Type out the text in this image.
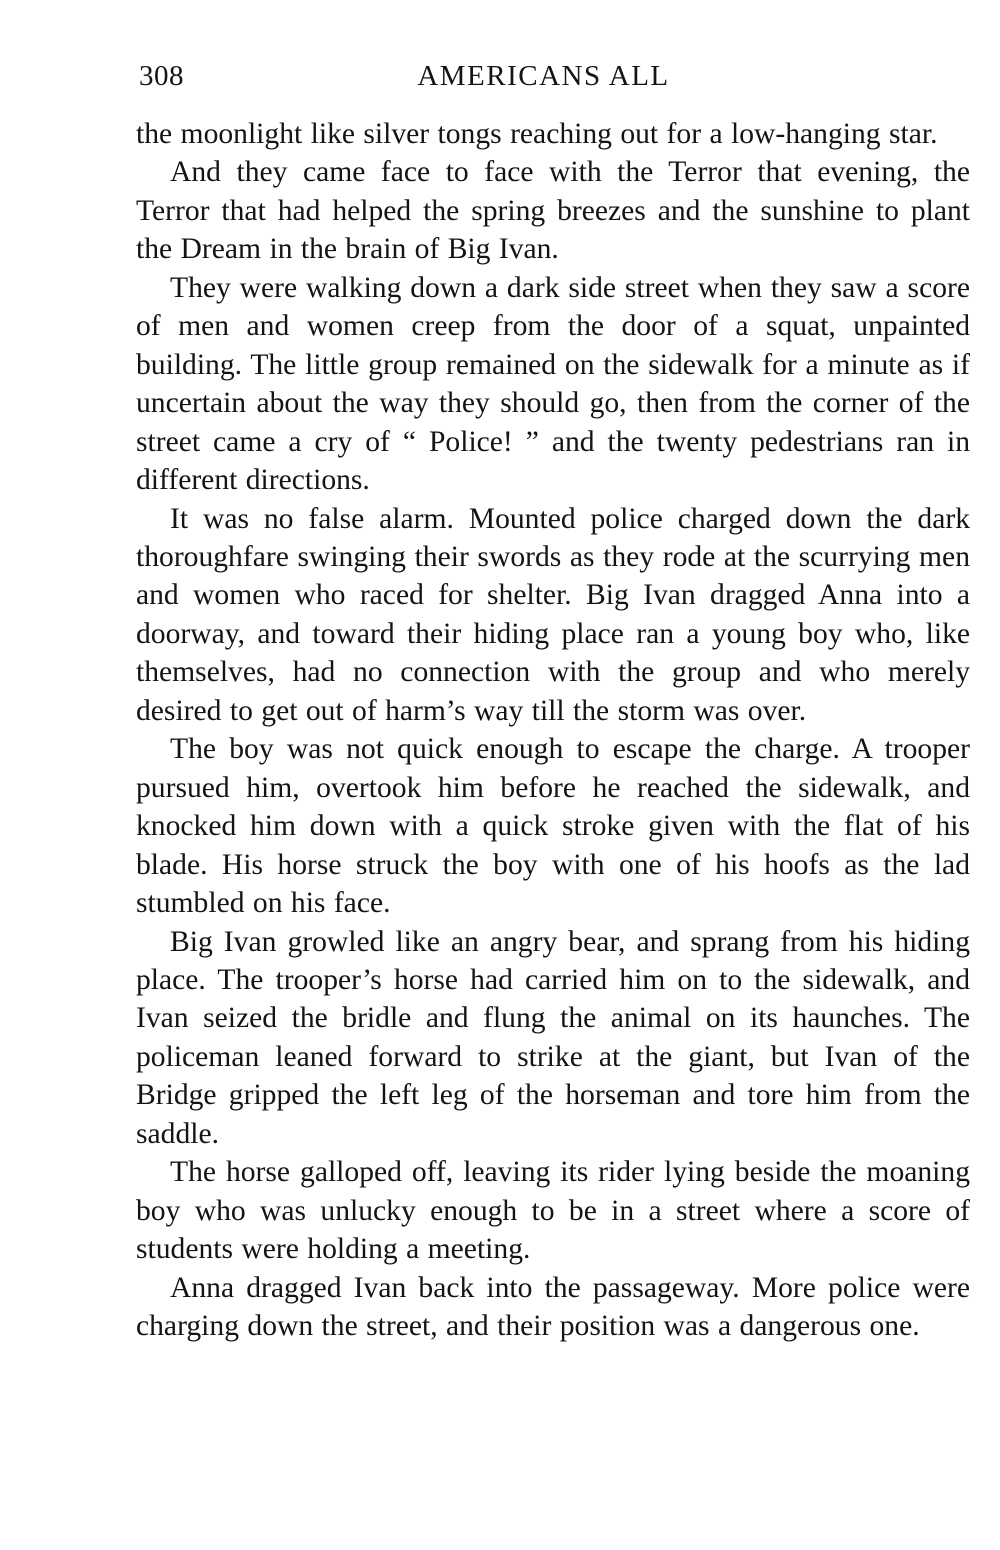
308	AMERICANS ALL

the moonlight like silver tongs reaching out for a low-hanging star.

And they came face to face with the Terror that evening, the Terror that had helped the spring breezes and the sunshine to plant the Dream in the brain of Big Ivan.

They were walking down a dark side street when they saw a score of men and women creep from the door of a squat, unpainted building. The little group remained on the sidewalk for a minute as if uncertain about the way they should go, then from the corner of the street came a cry of “ Police! ” and the twenty pedestrians ran in different directions.

It was no false alarm. Mounted police charged down the dark thoroughfare swinging their swords as they rode at the scurrying men and women who raced for shelter. Big Ivan dragged Anna into a doorway, and toward their hiding place ran a young boy who, like themselves, had no connection with the group and who merely desired to get out of harm’s way till the storm was over.

The boy was not quick enough to escape the charge. A trooper pursued him, overtook him before he reached the sidewalk, and knocked him down with a quick stroke given with the flat of his blade. His horse struck the boy with one of his hoofs as the lad stumbled on his face.

Big Ivan growled like an angry bear, and sprang from his hiding place. The trooper’s horse had carried him on to the sidewalk, and Ivan seized the bridle and flung the animal on its haunches. The policeman leaned forward to strike at the giant, but Ivan of the Bridge gripped the left leg of the horseman and tore him from the saddle.

The horse galloped off, leaving its rider lying beside the moaning boy who was unlucky enough to be in a street where a score of students were holding a meeting.

Anna dragged Ivan back into the passageway. More police were charging down the street, and their position was a dangerous one.
